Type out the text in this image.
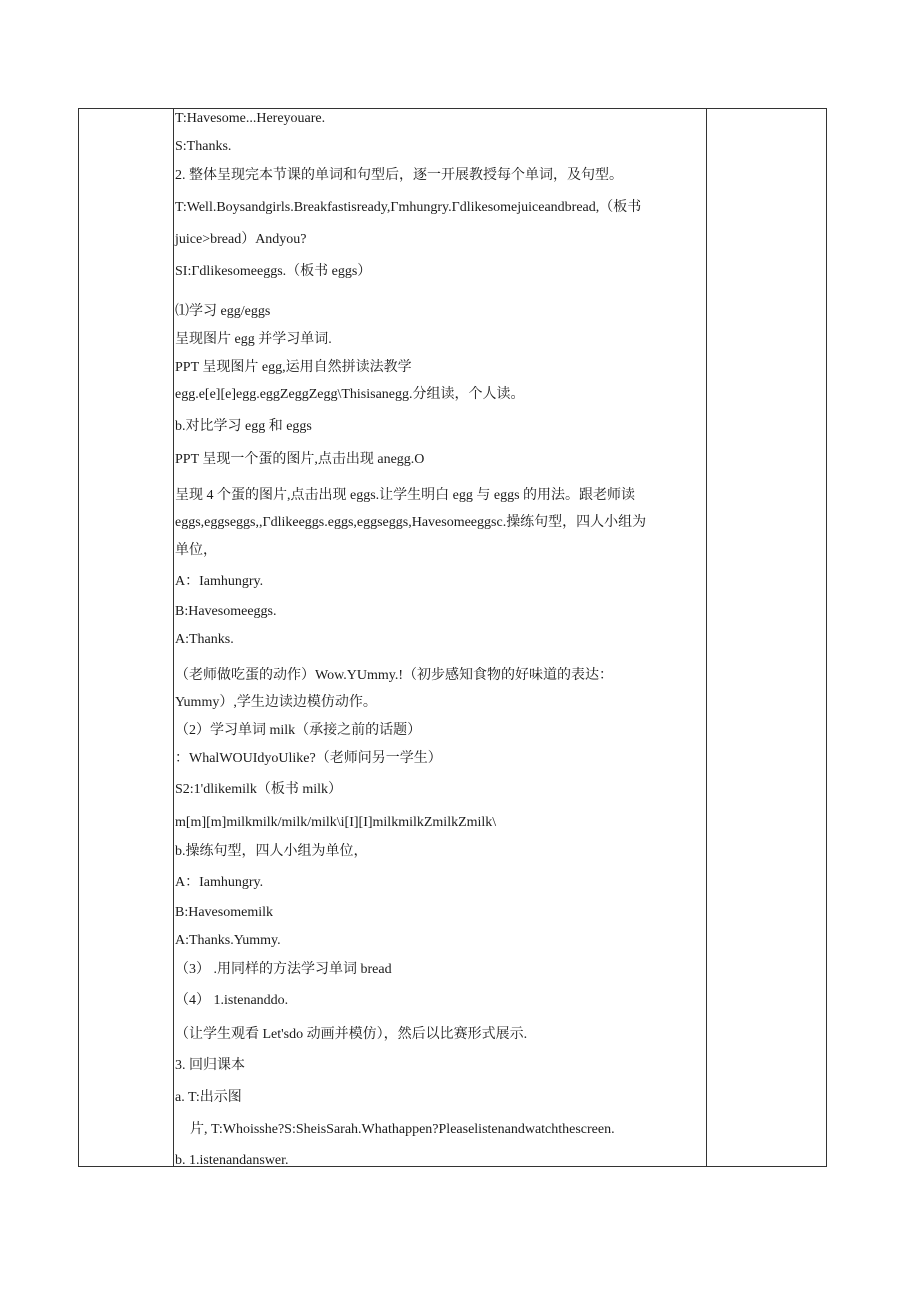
T:Havesome...Hereyouare.
S:Thanks.
2. 整体呈现完本节课的单词和句型后，逐一开展教授每个单词，及句型。
T:Well.Boysandgirls.Breakfastisready,Γmhungry.Γdlikesomejuiceandbread,（板书
juice>bread）Andyou?
SI:Γdlikesomeeggs.（板书 eggs）
⑴学习 egg/eggs
呈现图片 egg 并学习单词.
PPT 呈现图片 egg,运用自然拼读法教学
egg.e[e][e]egg.eggZeggZegg\Thisisanegg.分组读，个人读。
b.对比学习 egg 和 eggs
PPT 呈现一个蛋的图片,点击出现 anegg.O
呈现 4 个蛋的图片,点击出现 eggs.让学生明白 egg 与 eggs 的用法。跟老师读
eggs,eggseggs,,Γdlikeeggs.eggs,eggseggs,Havesomeeggsc.操练句型，四人小组为
单位，
A：Iamhungry.
B:Havesomeeggs.
A:Thanks.
（老师做吃蛋的动作）Wow.YUmmy.!（初步感知食物的好味道的表达：
Yummy）,学生边读边模仿动作。
（2）学习单词 milk（承接之前的话题）
：WhalWOUIdyoUlike?（老师问另一学生）
S2:1'dlikemilk（板书 milk）
m[m][m]milkmilk/milk/milk\i[I][I]milkmilkZmilkZmilk\
b.操练句型，四人小组为单位，
A：Iamhungry.
B:Havesomemilk
A:Thanks.Yummy.
（3） .用同样的方法学习单词 bread
（4） 1.istenanddo.
（让学生观看 Let'sdo 动画并模仿），然后以比赛形式展示.
3. 回归课本
a. T:出示图
片, T:Whoisshe?S:SheisSarah.Whathappen?Pleaselistenandwatchthescreen.
b. 1.istenandanswer.
